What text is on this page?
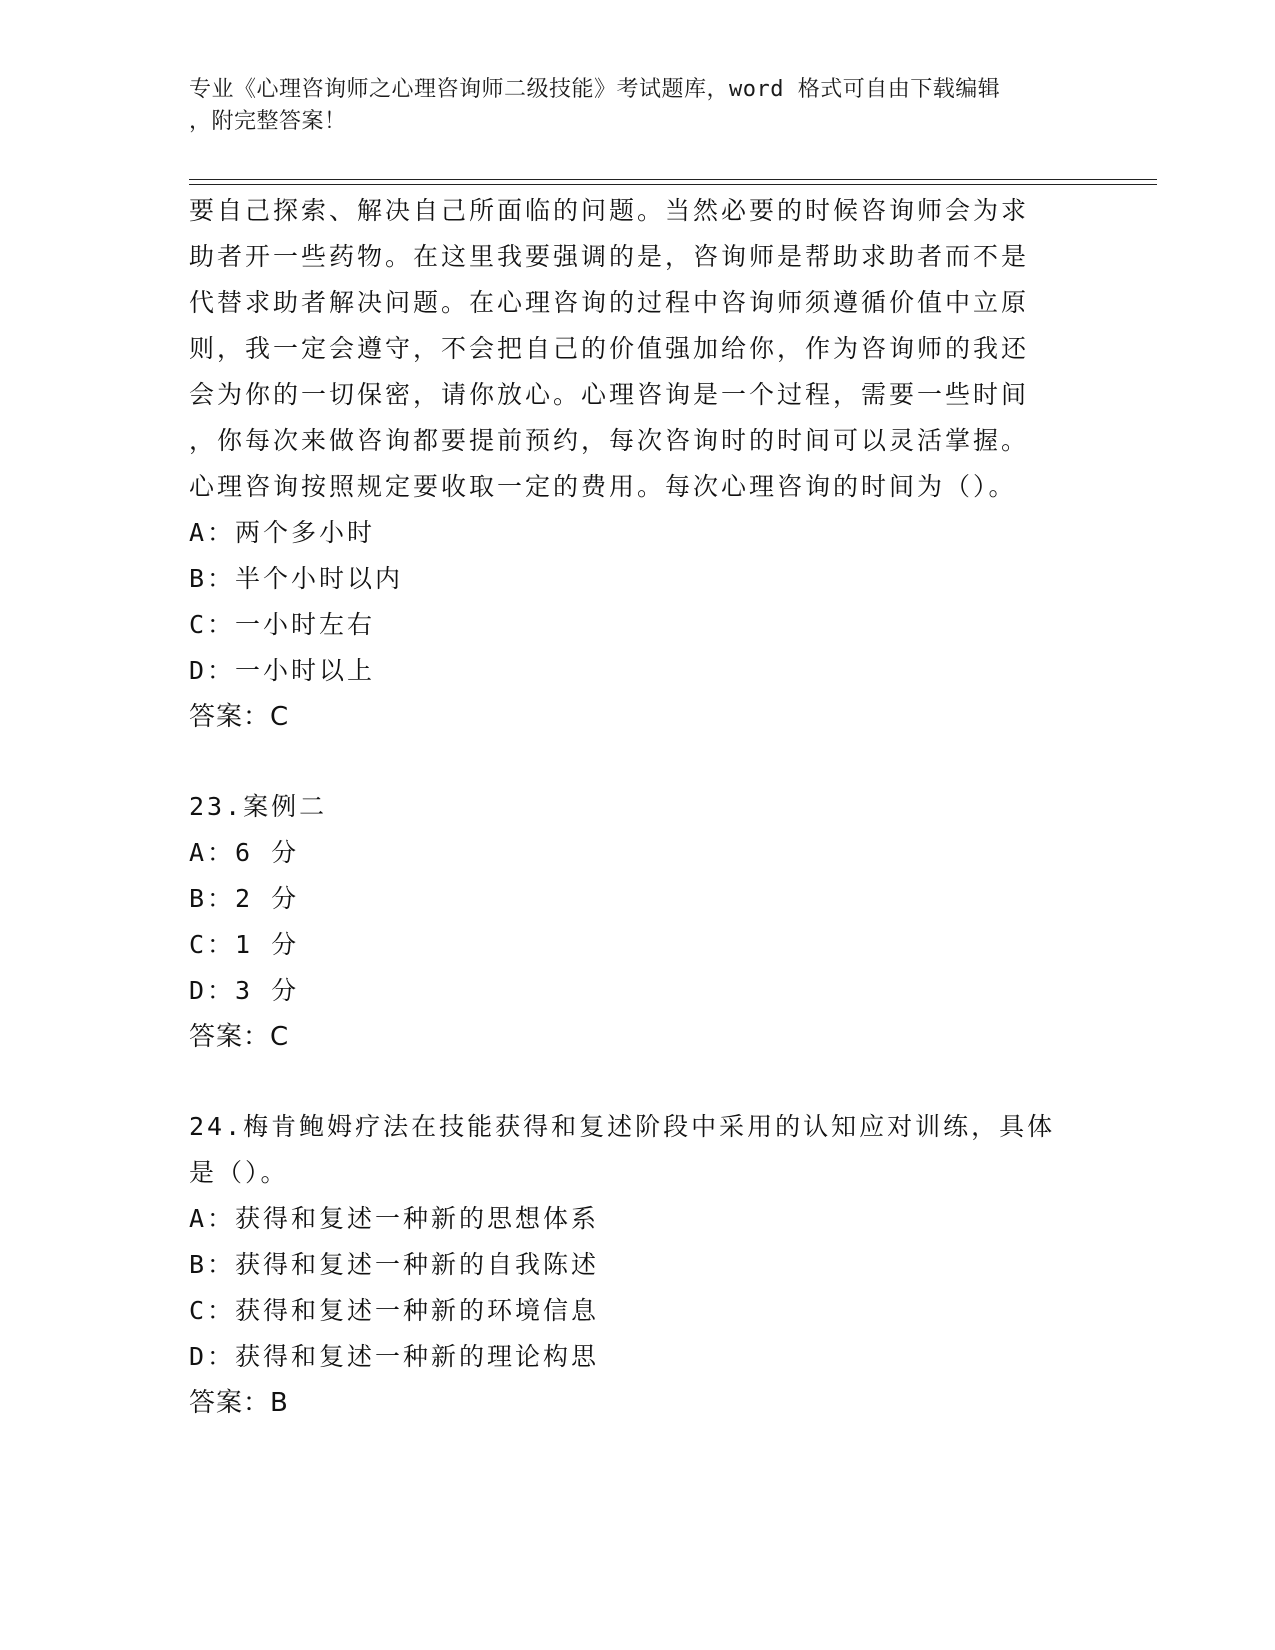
专业《心理咨询师之心理咨询师二级技能》考试题库，word 格式可自由下载编辑
，附完整答案！

要自己探索、解决自己所面临的问题。当然必要的时候咨询师会为求
助者开一些药物。在这里我要强调的是，咨询师是帮助求助者而不是
代替求助者解决问题。在心理咨询的过程中咨询师须遵循价值中立原
则，我一定会遵守，不会把自己的价值强加给你，作为咨询师的我还
会为你的一切保密，请你放心。心理咨询是一个过程，需要一些时间
，你每次来做咨询都要提前预约，每次咨询时的时间可以灵活掌握。
心理咨询按照规定要收取一定的费用。每次心理咨询的时间为（）。

A：两个多小时

B：半个小时以内

C：一小时左右

D：一小时以上

答案：C

23.案例二

A：6 分

B：2 分

C：1 分

D：3 分

答案：C

24.梅肯鲍姆疗法在技能获得和复述阶段中采用的认知应对训练，具体
是（）。

A：获得和复述一种新的思想体系

B：获得和复述一种新的自我陈述

C：获得和复述一种新的环境信息

D：获得和复述一种新的理论构思

答案：B
